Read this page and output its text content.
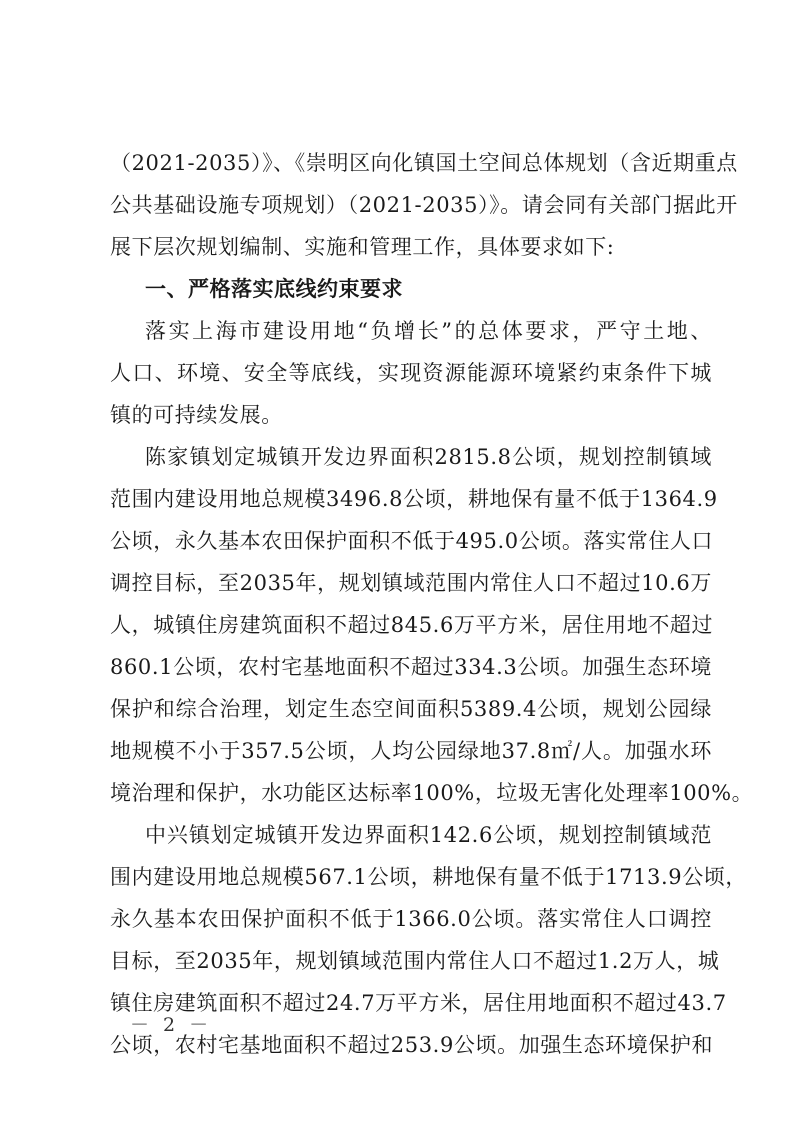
（2021-2035）》、《崇明区向化镇国土空间总体规划（含近期重点
公共基础设施专项规划）（2021-2035）》。请会同有关部门据此开
展下层次规划编制、实施和管理工作，具体要求如下:
一、严格落实底线约束要求
落实上海市建设用地“负增长”的总体要求，严守土地、
人口、环境、安全等底线，实现资源能源环境紧约束条件下城
镇的可持续发展。
陈家镇划定城镇开发边界面积2815.8公顷，规划控制镇域
范围内建设用地总规模3496.8公顷，耕地保有量不低于1364.9
公顷，永久基本农田保护面积不低于495.0公顷。落实常住人口
调控目标，至2035年，规划镇域范围内常住人口不超过10.6万
人，城镇住房建筑面积不超过845.6万平方米，居住用地不超过
860.1公顷，农村宅基地面积不超过334.3公顷。加强生态环境
保护和综合治理，划定生态空间面积5389.4公顷，规划公园绿
地规模不小于357.5公顷，人均公园绿地37.8㎡/人。加强水环
境治理和保护，水功能区达标率100%，垃圾无害化处理率100%。
中兴镇划定城镇开发边界面积142.6公顷，规划控制镇域范
围内建设用地总规模567.1公顷，耕地保有量不低于1713.9公顷，
永久基本农田保护面积不低于1366.0公顷。落实常住人口调控
目标，至2035年，规划镇域范围内常住人口不超过1.2万人，城
镇住房建筑面积不超过24.7万平方米，居住用地面积不超过43.7
公顷，农村宅基地面积不超过253.9公顷。加强生态环境保护和
－ 2 －
